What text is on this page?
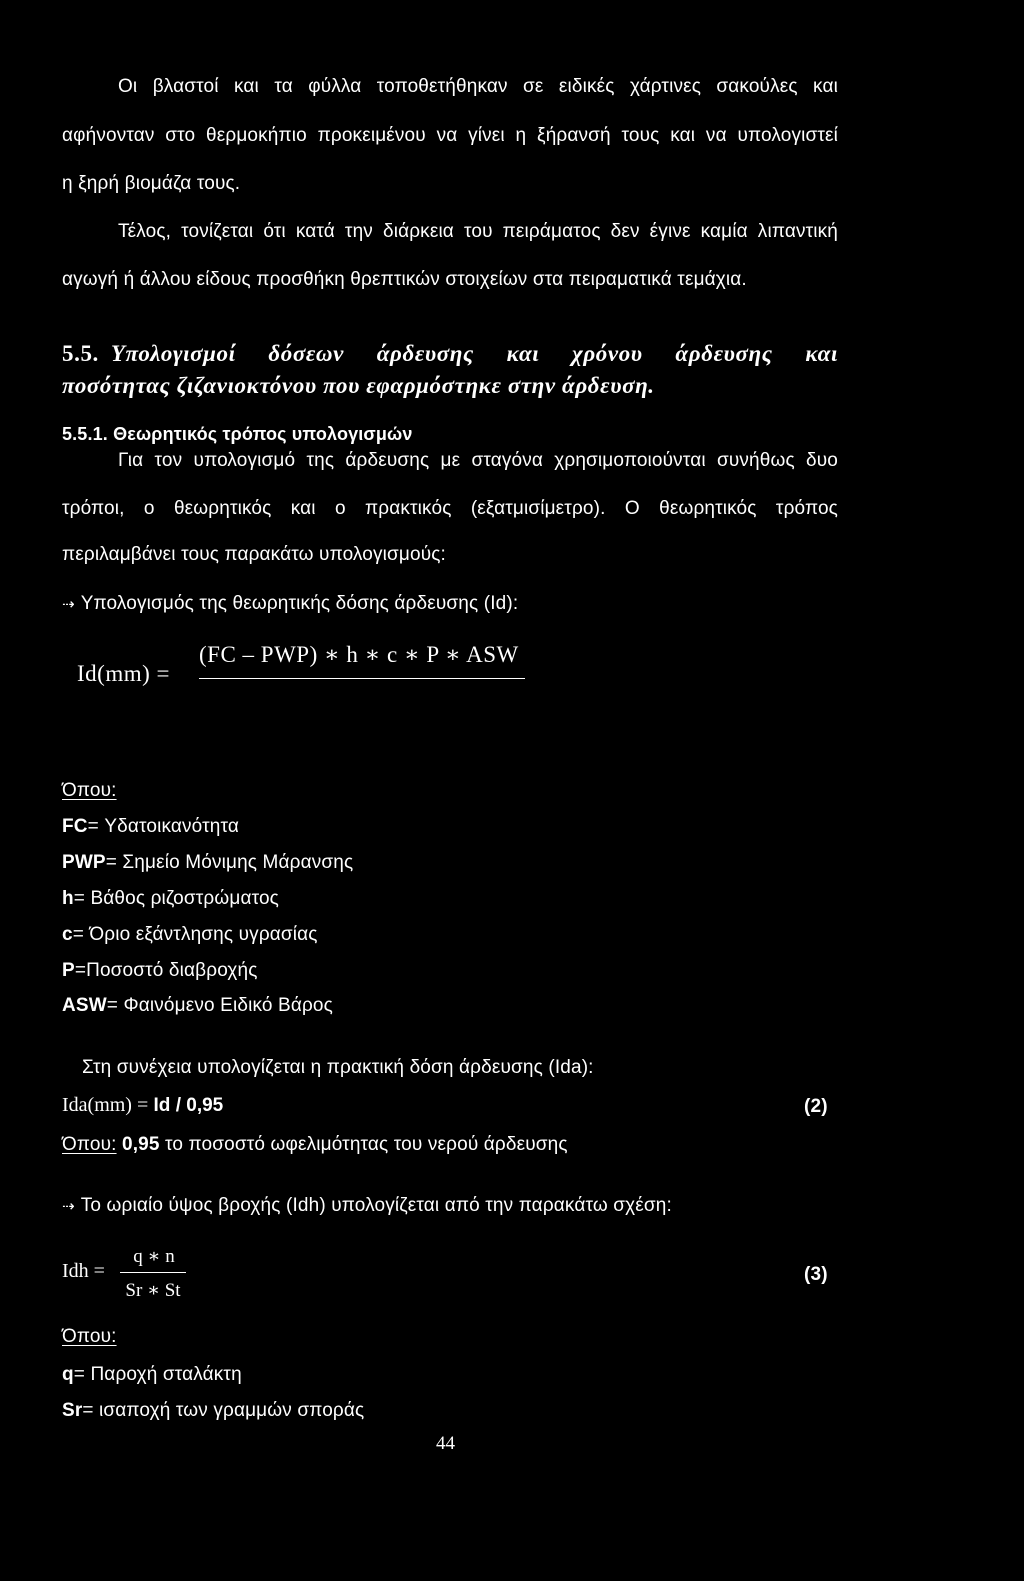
Οι βλαστοί και τα φύλλα τοποθετήθηκαν σε ειδικές χάρτινες σακούλες και
αφήνονταν στο θερμοκήπιο προκειμένου να γίνει η ξήρανσή τους και να υπολογιστεί
η ξηρή βιομάζα τους.
Τέλος, τονίζεται ότι κατά την διάρκεια του πειράματος δεν έγινε καμία λιπαντική
αγωγή ή άλλου είδους προσθήκη θρεπτικών στοιχείων στα πειραματικά τεμάχια.
5.5. Υπολογισμοί δόσεων άρδευσης και χρόνου άρδευσης και
ποσότητας ζιζανιοκτόνου που εφαρμόστηκε στην άρδευση.
5.5.1. Θεωρητικός τρόπος υπολογισμών
Για τον υπολογισμό της άρδευσης με σταγόνα χρησιμοποιούνται συνήθως δυο
τρόποι, ο θεωρητικός και ο πρακτικός (εξατμισίμετρο). Ο θεωρητικός τρόπος
περιλαμβάνει τους παρακάτω υπολογισμούς:
⇢ Υπολογισμός της θεωρητικής δόσης άρδευσης (Id):
Id(mm) =
(FC – PWP) ∗ h ∗ c ∗ P ∗ ASW
Όπου:
FC= Υδατοικανότητα
PWP= Σημείο Μόνιμης Μάρανσης
h= Βάθος ριζοστρώματος
c= Όριο εξάντλησης υγρασίας
P=Ποσοστό διαβροχής
ASW= Φαινόμενο Ειδικό Βάρος
Στη συνέχεια υπολογίζεται η πρακτική δόση άρδευσης (Ida):
Ida(mm) = Id / 0,95	(2)
Όπου: 0,95 το ποσοστό ωφελιμότητας του νερού άρδευσης
⇢ Το ωριαίο ύψος βροχής (Idh) υπολογίζεται από την παρακάτω σχέση:
Idh =
q ∗ n
Sr ∗ St
(3)
Όπου:
q= Παροχή σταλάκτη
Sr= ισαποχή των γραμμών σποράς
44
